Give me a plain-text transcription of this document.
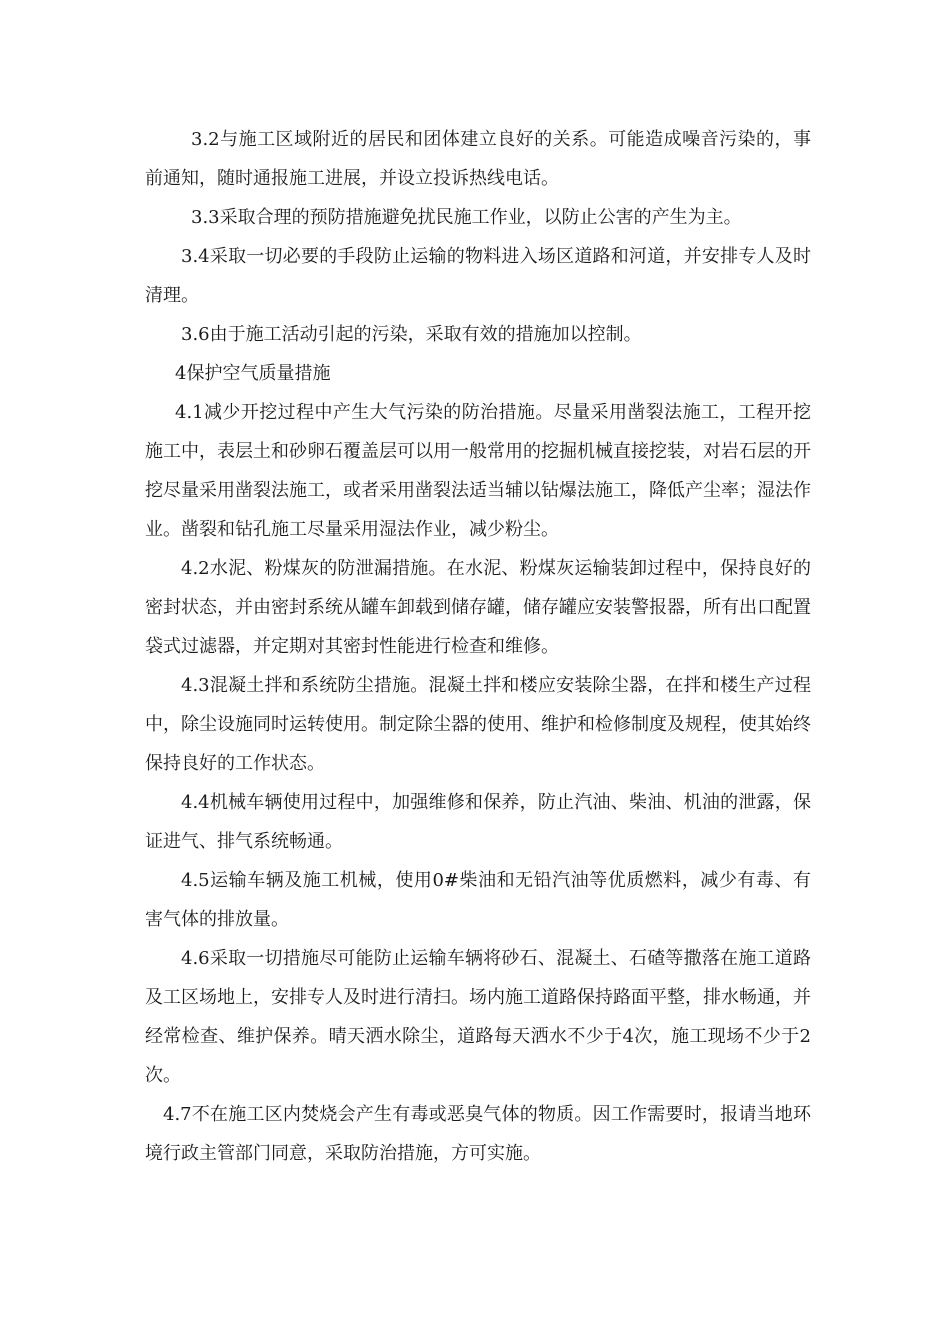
3.2与施工区域附近的居民和团体建立良好的关系。可能造成噪音污染的，事前通知，随时通报施工进展，并设立投诉热线电话。

3.3采取合理的预防措施避免扰民施工作业，以防止公害的产生为主。

3.4采取一切必要的手段防止运输的物料进入场区道路和河道，并安排专人及时清理。

3.6由于施工活动引起的污染，采取有效的措施加以控制。

4保护空气质量措施

4.1减少开挖过程中产生大气污染的防治措施。尽量采用凿裂法施工，工程开挖施工中，表层土和砂卵石覆盖层可以用一般常用的挖掘机械直接挖装，对岩石层的开挖尽量采用凿裂法施工，或者采用凿裂法适当辅以钻爆法施工，降低产尘率；湿法作业。凿裂和钻孔施工尽量采用湿法作业，减少粉尘。

4.2水泥、粉煤灰的防泄漏措施。在水泥、粉煤灰运输装卸过程中，保持良好的密封状态，并由密封系统从罐车卸载到储存罐，储存罐应安装警报器，所有出口配置袋式过滤器，并定期对其密封性能进行检查和维修。

4.3混凝土拌和系统防尘措施。混凝土拌和楼应安装除尘器，在拌和楼生产过程中，除尘设施同时运转使用。制定除尘器的使用、维护和检修制度及规程，使其始终保持良好的工作状态。

4.4机械车辆使用过程中，加强维修和保养，防止汽油、柴油、机油的泄露，保证进气、排气系统畅通。

4.5运输车辆及施工机械，使用0#柴油和无铅汽油等优质燃料，减少有毒、有害气体的排放量。

4.6采取一切措施尽可能防止运输车辆将砂石、混凝土、石碴等撒落在施工道路及工区场地上，安排专人及时进行清扫。场内施工道路保持路面平整，排水畅通，并经常检查、维护保养。晴天洒水除尘，道路每天洒水不少于4次，施工现场不少于2次。

4.7不在施工区内焚烧会产生有毒或恶臭气体的物质。因工作需要时，报请当地环境行政主管部门同意，采取防治措施，方可实施。
